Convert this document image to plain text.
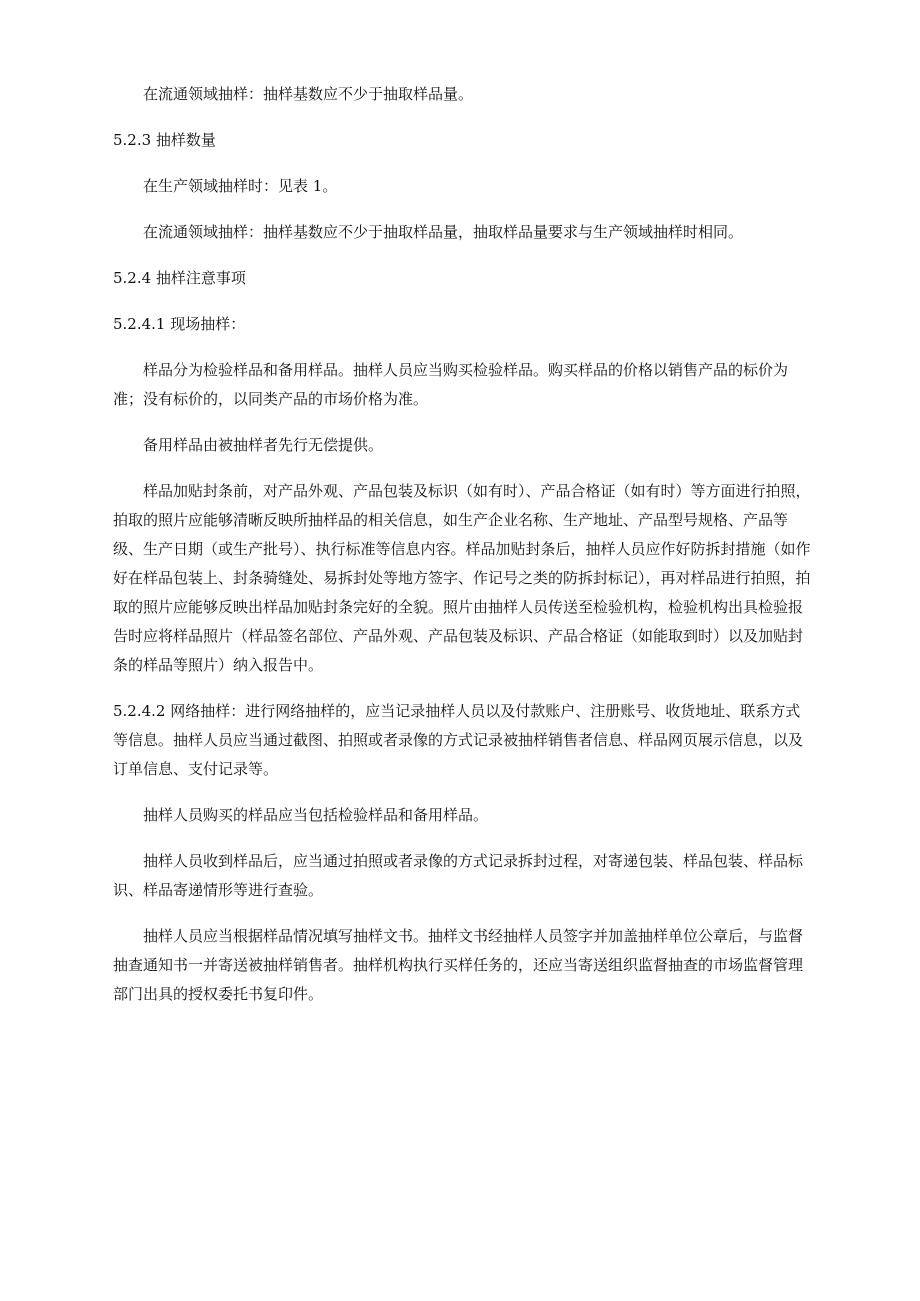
在流通领域抽样：抽样基数应不少于抽取样品量。

5.2.3 抽样数量

在生产领域抽样时：见表 1。

在流通领域抽样：抽样基数应不少于抽取样品量，抽取样品量要求与生产领域抽样时相同。

5.2.4 抽样注意事项

5.2.4.1 现场抽样：

样品分为检验样品和备用样品。抽样人员应当购买检验样品。购买样品的价格以销售产品的标价为准；没有标价的，以同类产品的市场价格为准。

备用样品由被抽样者先行无偿提供。

样品加贴封条前，对产品外观、产品包装及标识（如有时）、产品合格证（如有时）等方面进行拍照，拍取的照片应能够清晰反映所抽样品的相关信息，如生产企业名称、生产地址、产品型号规格、产品等级、生产日期（或生产批号）、执行标准等信息内容。样品加贴封条后，抽样人员应作好防拆封措施（如作好在样品包装上、封条骑缝处、易拆封处等地方签字、作记号之类的防拆封标记），再对样品进行拍照，拍取的照片应能够反映出样品加贴封条完好的全貌。照片由抽样人员传送至检验机构，检验机构出具检验报告时应将样品照片（样品签名部位、产品外观、产品包装及标识、产品合格证（如能取到时）以及加贴封条的样品等照片）纳入报告中。

5.2.4.2 网络抽样：进行网络抽样的，应当记录抽样人员以及付款账户、注册账号、收货地址、联系方式等信息。抽样人员应当通过截图、拍照或者录像的方式记录被抽样销售者信息、样品网页展示信息，以及订单信息、支付记录等。

抽样人员购买的样品应当包括检验样品和备用样品。

抽样人员收到样品后，应当通过拍照或者录像的方式记录拆封过程，对寄递包装、样品包装、样品标识、样品寄递情形等进行查验。

抽样人员应当根据样品情况填写抽样文书。抽样文书经抽样人员签字并加盖抽样单位公章后，与监督抽查通知书一并寄送被抽样销售者。抽样机构执行买样任务的，还应当寄送组织监督抽查的市场监督管理部门出具的授权委托书复印件。
